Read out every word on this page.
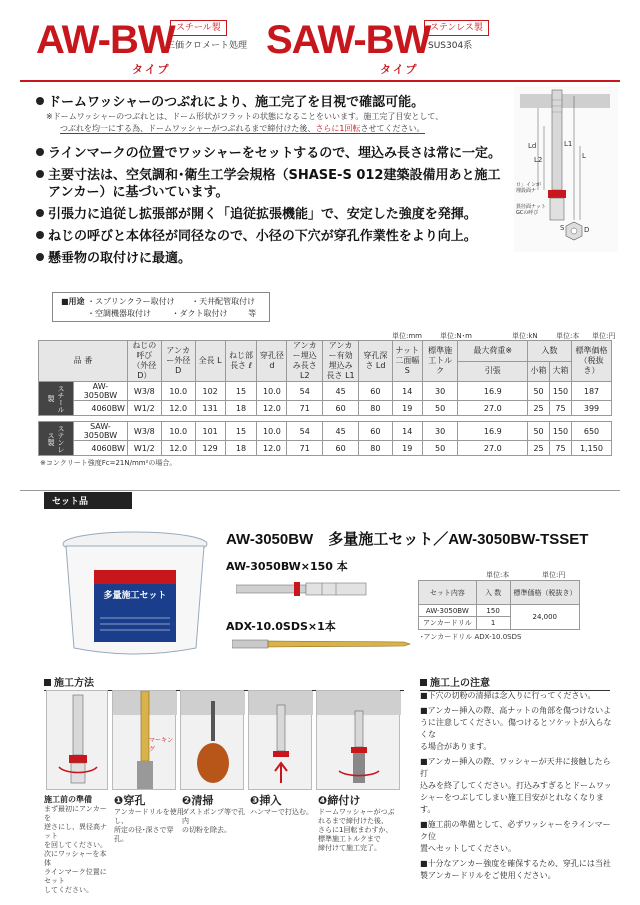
AW-BW
タイプ
スチール製
三価クロメート処理 SAW-BW
タイプ
ステンレス製
SUS304系
ドームワッシャーのつぶれにより、施工完了を目視で確認可能。
※ドームワッシャーのつぶれとは、ドーム形状がフラットの状態になることをいいます。施工完了目安として、
つぶれを均一にする為、ドームワッシャーがつぶれるまで締付けた後、さらに1回転させてください。
ラインマークの位置でワッシャーをセットするので、埋込み長さは常に一定。
主要寸法は、空気調和･衛生工学会規格（SHASE-S 012建築設備用あと施工
アンカー）に基づいています。
引張力に追従し拡張部が開く「追従拡張機能」で、安定した強度を発揮。
ねじの呼びと本体径が同径なので、小径の下穴が穿孔作業性をより向上。
懸垂物の取付けに最適。
Ld
L2
L1
L
S	D
ロ」インが
埋設面ナ
異径面ナット
GCの呼び
■用途 ・スプリンクラー取付け ・天井配管取付け
・空調機器取付け	・ダクト取付け	等
単位:mm	単位:N･m	単位:kN	単位:本 単位:円
品 番		ねじの呼び（外径D）	アンカー外径 D	全長 L	ねじ部長さ ℓ	穿孔径 d	アンカー埋込み長さ L2	アンカー有効埋込み長さ L1	穿孔深さ Ld	ナット二面幅 S	標準施工トルク	最大荷重※	入数		標準価格（税抜き）
												引張	小箱	大箱	
スチール製	AW-3050BW	W3/8	10.0	102	15	10.0	54	45	60	14	30	16.9	50	150	187
	4060BW	W1/2	12.0	131	18	12.0	71	60	80	19	50	27.0	25	75	399

ステンレス製	SAW-3050BW	W3/8	10.0	101	15	10.0	54	45	60	14	30	16.9	50	150	650
	4060BW	W1/2	12.0	129	18	12.0	71	60	80	19	50	27.0	25	75	1,150
※コンクリート強度Fc=21N/mm²の場合。
セット品
多量施工セット
AW-3050BW　多量施工セット／AW-3050BW-TSSET
AW-3050BW×150 本
ADX-10.0SDS×1本
単位:本	単位:円
セット内容	入 数	標準価格（税抜き）
AW-3050BW	150	24,000
アンカードリル	1	
･アンカードリル ADX-10.0SDS
施工方法
マーキング
施工前の準備
まず最初にアンカーを
逆さにし、異径高ナット
を回してください。
次にワッシャーを本体
ラインマーク位置にセット
してください。
❶穿孔
アンカードリルを使用し、
所定の径･深さで穿孔。
❷清掃
ダストポンプ等で孔内
の切粉を除去。
❸挿入
ハンマーで打込む。
❹締付け
ドームワッシャーがつぶ
れるまで締付けた後、
さらに1回転まわすか、
標準施工トルクまで
締付けて施工完了。
施工上の注意
■下穴の切粉の清掃は念入りに行ってください。
■アンカー挿入の際、高ナットの角部を傷つけないよ
うに注意してください。傷つけるとソケットが入らなくな
る場合があります。
■アンカー挿入の際、ワッシャーが天井に接触したら打
込みを終了してください。打込みすぎるとドームワッ
シャーをつぶしてしまい施工目安がとれなくなります。
■施工前の準備として、必ずワッシャーをラインマーク位
置へセットしてください。
■十分なアンカー強度を確保するため、穿孔には当社
製アンカードリルをご使用ください。
